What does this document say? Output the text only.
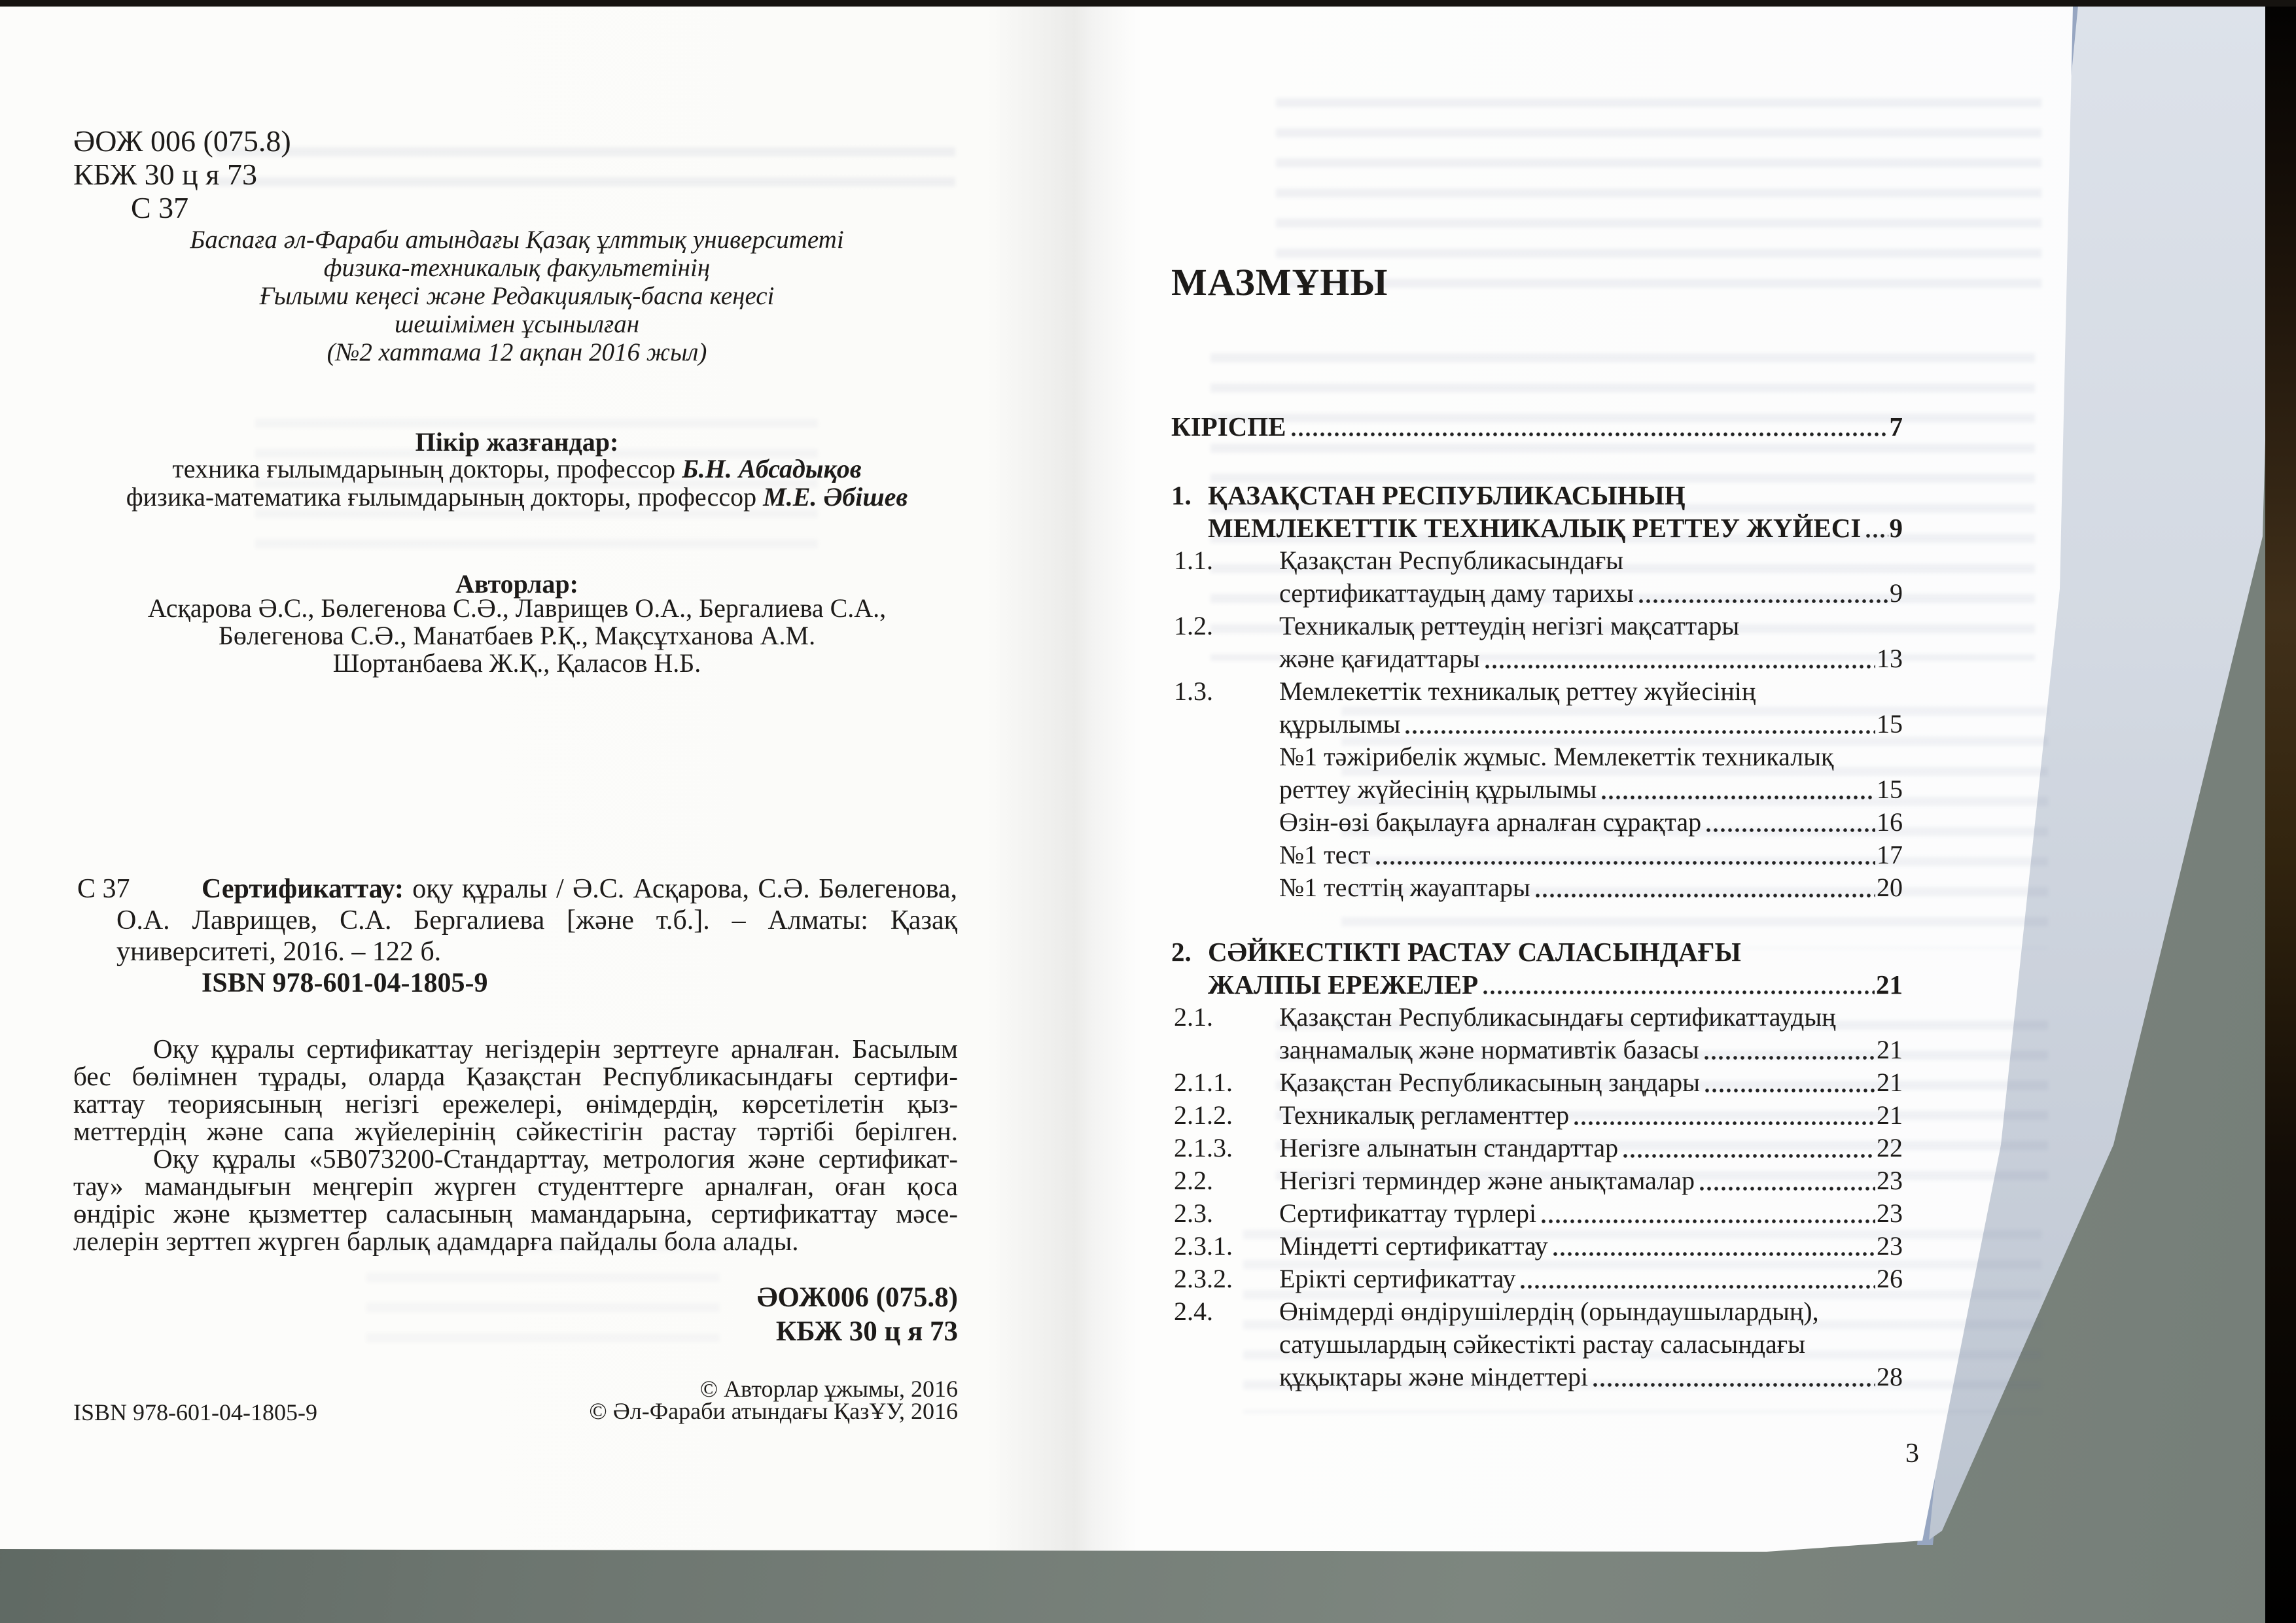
ӘОЖ 006 (075.8)
КБЖ 30 ц я 73
С 37
Баспаға әл-Фараби атындағы Қазақ ұлттық университеті
физика-техникалық факультетінің
Ғылыми кеңесі және Редакциялық-баспа кеңесі
шешімімен ұсынылған
(№2 хаттама 12 ақпан 2016 жыл)
Пікір жазғандар:
техника ғылымдарының докторы, профессор Б.Н. Абсадықов
физика-математика ғылымдарының докторы, профессор М.Е. Әбішев
Авторлар:
Асқарова Ә.С., Бөлегенова С.Ә., Лаврищев О.А., Бергалиева С.А.,
Бөлегенова С.Ә., Манатбаев Р.Қ., Мақсұтханова А.М.
Шортанбаева Ж.Қ., Қаласов Н.Б.
С 37	Сертификаттау: оқу құралы / Ә.С. Асқарова, С.Ә. Бөлегенова,
О.А. Лаврищев, С.А. Бергалиева [және т.б.]. – Алматы: Қазақ
университеті, 2016. – 122 б.
ISBN 978-601-04-1805-9
Оқу құралы сертификаттау негіздерін зерттеуге арналған. Басылым
бес бөлімнен тұрады, оларда Қазақстан Республикасындағы сертифи-
каттау теориясының негізгі ережелері, өнімдердің, көрсетілетін қыз-
меттердің және сапа жүйелерінің сәйкестігін растау тәртібі берілген.
Оқу құралы «5В073200-Стандарттау, метрология және сертификат-
тау» мамандығын меңгеріп жүрген студенттерге арналған, оған қоса
өндіріс және қызметтер саласының мамандарына, сертификаттау мәсе-
лелерін зерттеп жүрген барлық адамдарға пайдалы бола алады.
ӘОЖ006 (075.8)
КБЖ 30 ц я 73
© Авторлар ұжымы, 2016
© Әл-Фараби атындағы ҚазҰУ, 2016
ISBN 978-601-04-1805-9
МАЗМҰНЫ
КІРІСПЕ	7
1. ҚАЗАҚСТАН РЕСПУБЛИКАСЫНЫҢ
МЕМЛЕКЕТТІК ТЕХНИКАЛЫҚ РЕТТЕУ ЖҮЙЕСІ 9
1.1.	Қазақстан Республикасындағы
сертификаттаудың даму тарихы	9
1.2.	Техникалық реттеудің негізгі мақсаттары
және қағидаттары	13
1.3.	Мемлекеттік техникалық реттеу жүйесінің
құрылымы	15
№1 тәжірибелік жұмыс. Мемлекеттік техникалық
реттеу жүйесінің құрылымы	15
Өзін-өзі бақылауға арналған сұрақтар	16
№1 тест	17
№1 тесттің жауаптары	20
2. СӘЙКЕСТІКТІ РАСТАУ САЛАСЫНДАҒЫ
ЖАЛПЫ ЕРЕЖЕЛЕР	21
2.1.	Қазақстан Республикасындағы сертификаттаудың
заңнамалық және нормативтік базасы	21
2.1.1. Қазақстан Республикасының заңдары	21
2.1.2. Техникалық регламенттер	21
2.1.3. Негізге алынатын стандарттар	22
2.2.	Негізгі терминдер және анықтамалар	23
2.3.	Сертификаттау түрлері	23
2.3.1. Міндетті сертификаттау	23
2.3.2. Ерікті сертификаттау	26
2.4.	Өнімдерді өндірушілердің (орындаушылардың),
сатушылардың сәйкестікті растау саласындағы
құқықтары және міндеттері	28
3
